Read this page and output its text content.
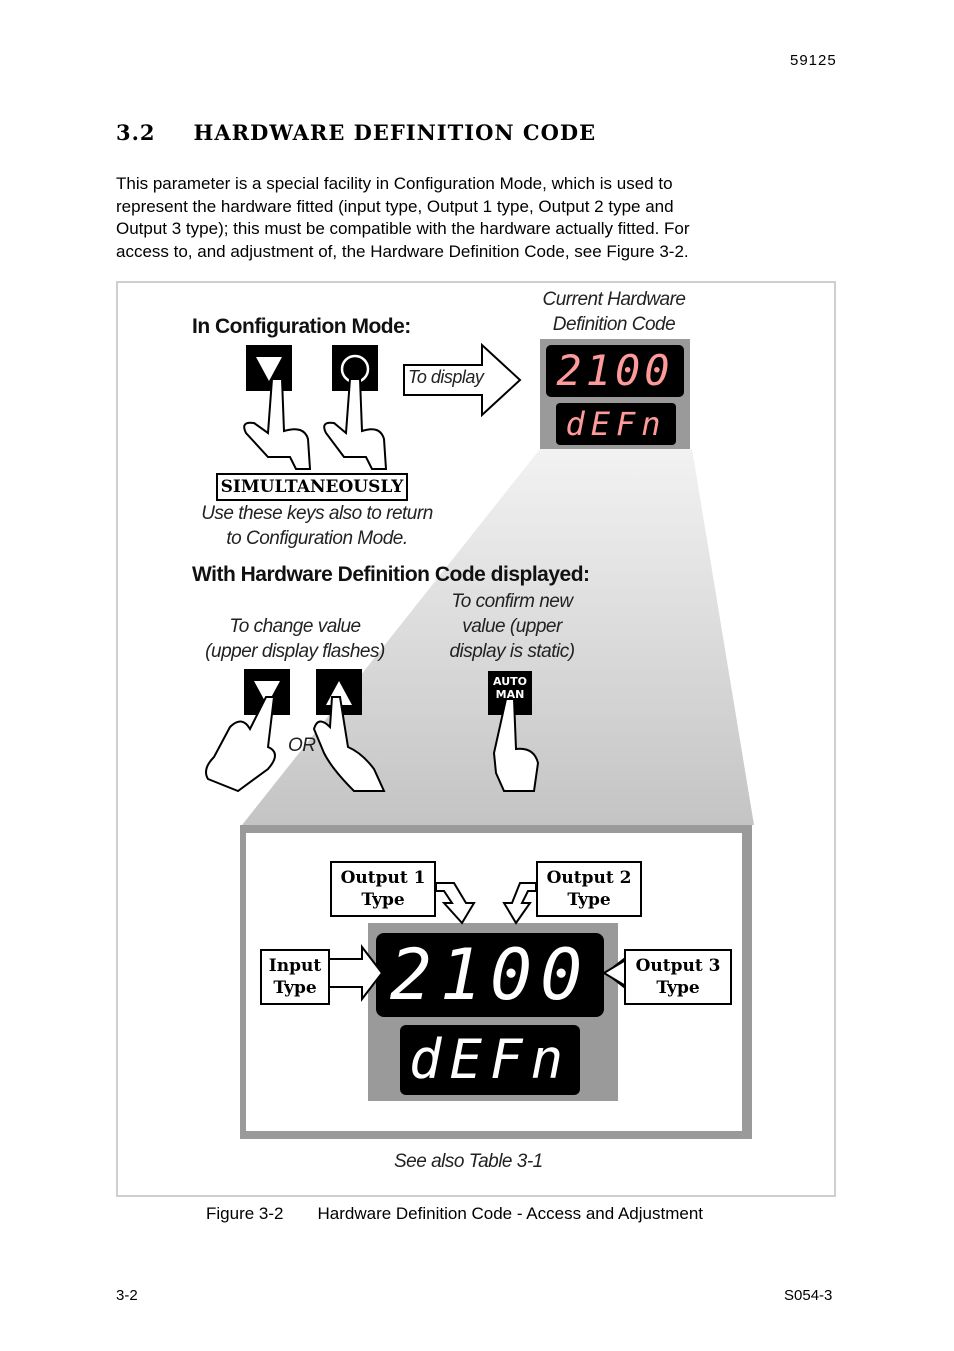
59125
3.2 HARDWARE DEFINITION CODE
This parameter is a special facility in Configuration Mode, which is used to
represent the hardware fitted (input type, Output 1 type, Output 2 type and
Output 3 type); this must be compatible with the hardware actually fitted. For
access to, and adjustment of, the Hardware Definition Code, see Figure 3-2.
Current Hardware
Definition Code
In Configuration Mode:
To display
SIMULTANEOUSLY
Use these keys also to return
to Configuration Mode.
With Hardware Definition Code displayed:
To confirm new
value (upper
display is static)
To change value
(upper display flashes)
AUTO
MAN
OR
2100
dEFn
2100
dEFn
Output 1
Type
Output 2
Type
Input
Type
Output 3
Type
See also Table 3-1
Figure 3-2 Hardware Definition Code - Access and Adjustment
3-2	S054-3
